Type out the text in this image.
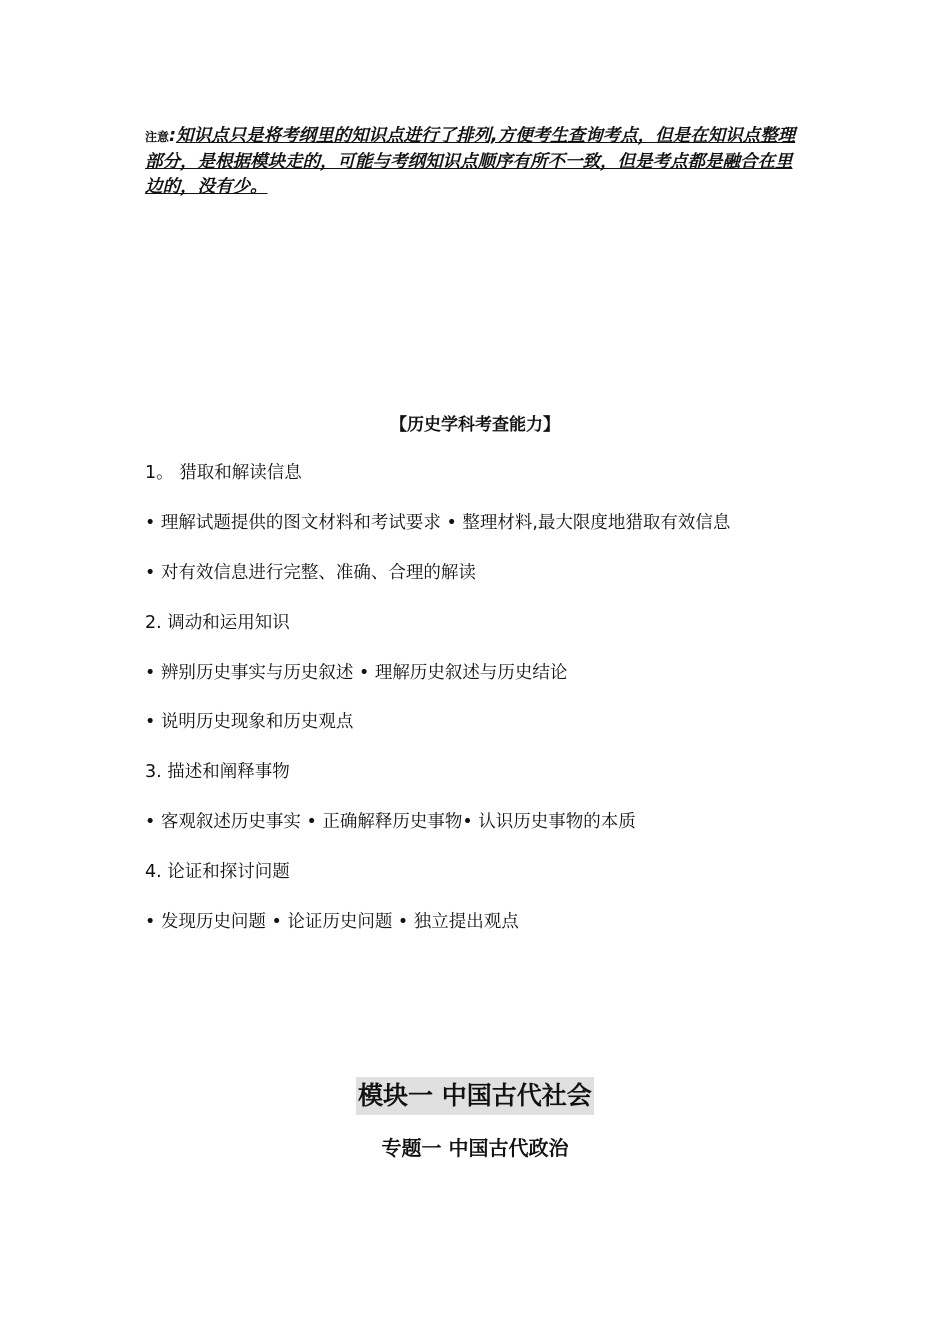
注意:知识点只是将考纲里的知识点进行了排列,方便考生查询考点，但是在知识点整理部分，是根据模块走的，可能与考纲知识点顺序有所不一致，但是考点都是融合在里边的，没有少。
【历史学科考查能力】
1。 猎取和解读信息
• 理解试题提供的图文材料和考试要求 • 整理材料,最大限度地猎取有效信息
• 对有效信息进行完整、准确、合理的解读
2. 调动和运用知识
• 辨别历史事实与历史叙述 • 理解历史叙述与历史结论
• 说明历史现象和历史观点
3. 描述和阐释事物
• 客观叙述历史事实 • 正确解释历史事物• 认识历史事物的本质
4. 论证和探讨问题
• 发现历史问题 • 论证历史问题 • 独立提出观点
模块一 中国古代社会
专题一 中国古代政治
